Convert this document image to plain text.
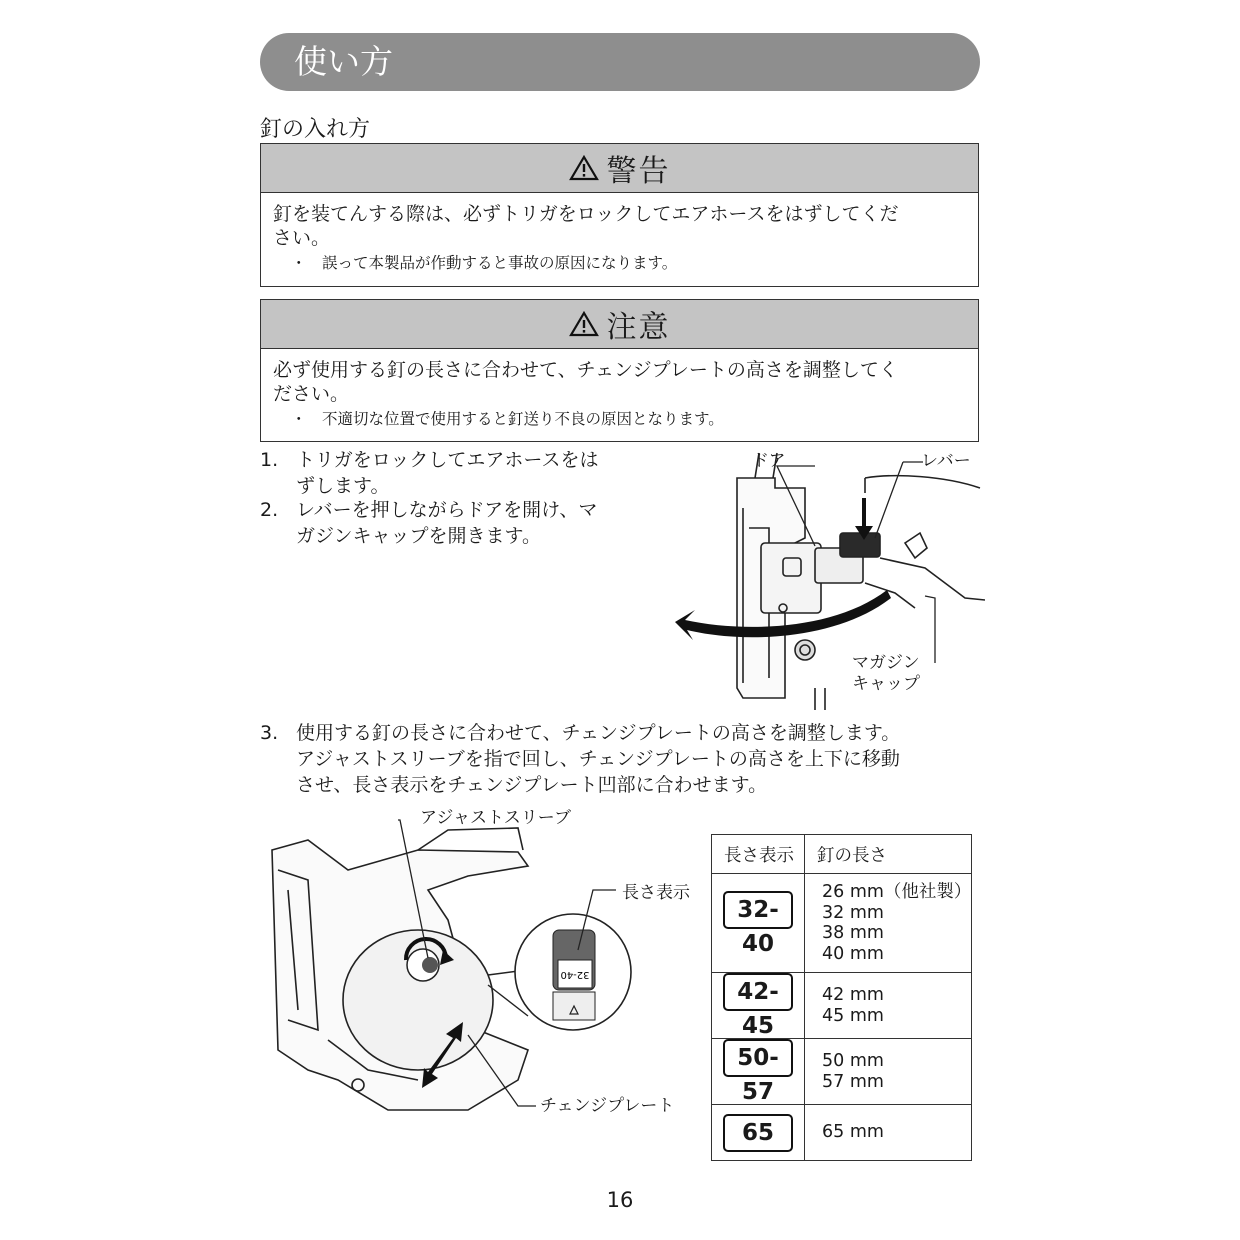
使い方
釘の入れ方
警告
釘を装てんする際は、必ずトリガをロックしてエアホースをはずしてくだ
さい。
・　誤って本製品が作動すると事故の原因になります。
注意
必ず使用する釘の長さに合わせて、チェンジプレートの高さを調整してく
ださい。
・　不適切な位置で使用すると釘送り不良の原因となります。
1. トリガをロックしてエアホースをは
ずします。
2. レバーを押しながらドアを開け、マ
ガジンキャップを開きます。
ドア	レバー
マガジン
キャップ
3. 使用する釘の長さに合わせて、チェンジプレートの高さを調整します。
アジャストスリーブを指で回し、チェンジプレートの高さを上下に移動
させ、長さ表示をチェンジプレート凹部に合わせます。
32-40
アジャストスリーブ
長さ表示
チェンジプレート
長さ表示	釘の長さ
32-40	26 mm（他社製）
32 mm
38 mm
40 mm

42-45	42 mm
45 mm

50-57	50 mm
57 mm

65	65 mm
16
